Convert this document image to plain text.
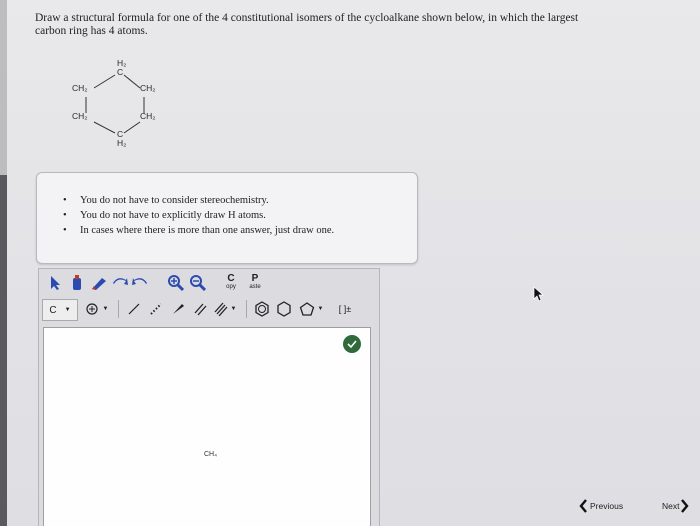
Draw a structural formula for one of the 4 constitutional isomers of the cycloalkane shown below, in which the largest

carbon ring has 4 atoms.

H₂
C
CH₂	CH₂
CH₂	CH₂
C
H₂
• You do not have to consider stereochemistry.
• You do not have to explicitly draw H atoms.
• In cases where there is more than one answer, just draw one.
C
opy
P
aste
C ▼	▼	▼	▼ [ ]±
CH₄
Previous	Next
